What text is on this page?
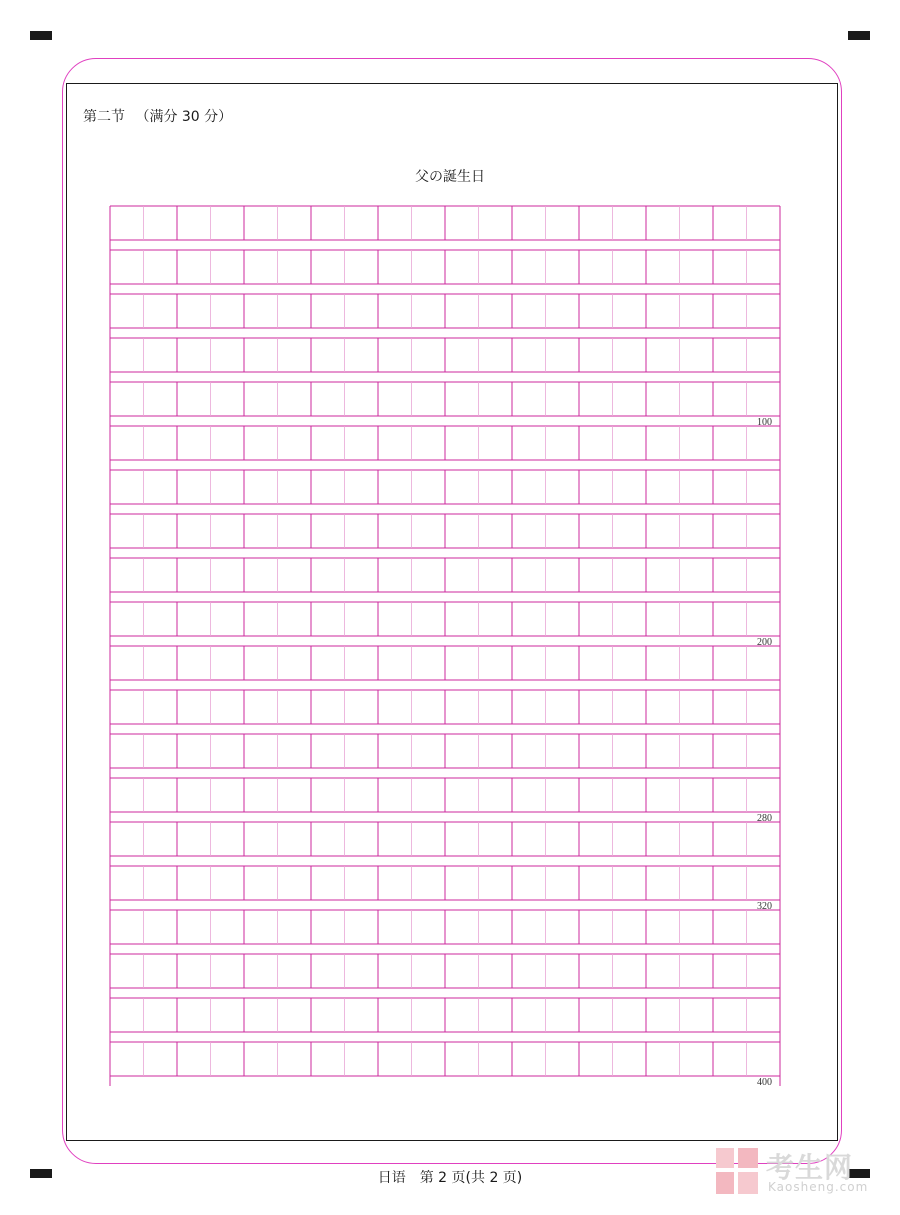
第二节 （满分 30 分）
父の誕生日
100
200
280
320
400
日语　第 2 页(共 2 页)	考生网
Kaosheng.com
